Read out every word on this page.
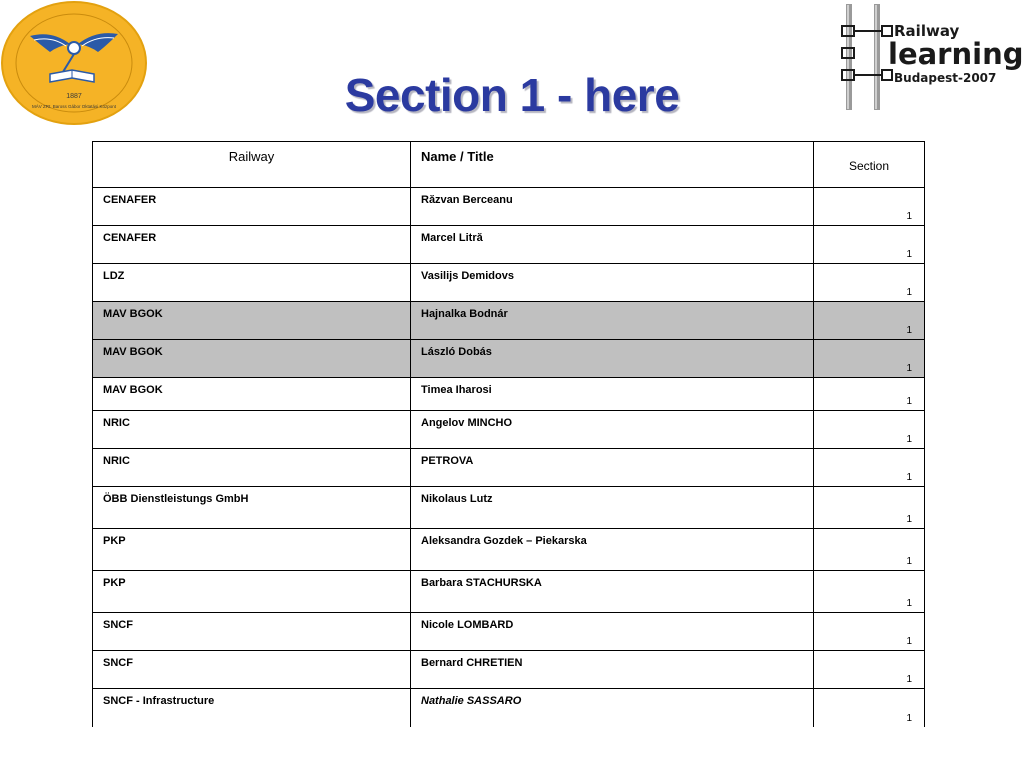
1887
MÁV ZRt. Baross Gábor Oktatási Központ
Railway
learning
Budapest-2007
Section 1 - here
Railway	Name / Title	Section
CENAFER	Răzvan Berceanu	1
CENAFER	Marcel Litră	1
LDZ	Vasilijs Demidovs	1
MAV BGOK	Hajnalka Bodnár	1
MAV BGOK	László Dobás	1
MAV BGOK	Timea Iharosi	1
NRIC	Angelov MINCHO	1
NRIC	PETROVA	1
ÖBB Dienstleistungs GmbH	Nikolaus Lutz	1
PKP	Aleksandra Gozdek – Piekarska	1
PKP	Barbara STACHURSKA	1
SNCF	Nicole LOMBARD	1
SNCF	Bernard CHRETIEN	1
SNCF - Infrastructure	Nathalie SASSARO	1
